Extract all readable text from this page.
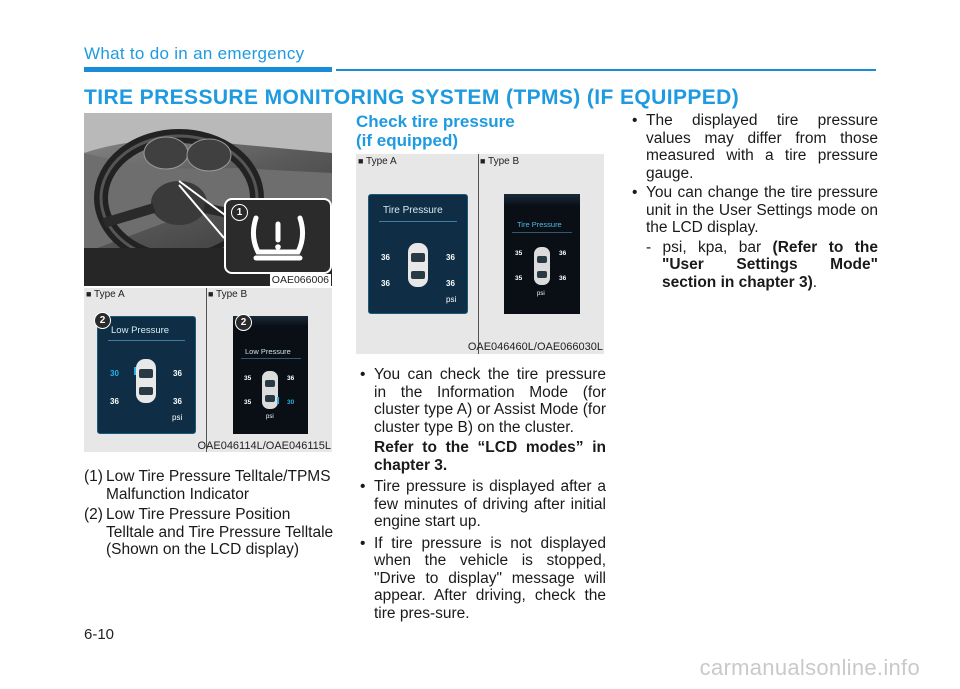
What to do in an emergency
TIRE PRESSURE MONITORING SYSTEM (TPMS) (IF EQUIPPED)
1
OAE066006
■ Type A	■ Type B
Low Pressure
30	36
36	36
psi
2
Low Pressure
35	36
35	30
psi
2
OAE046114L/OAE046115L
(1) Low Tire Pressure Telltale/TPMS Malfunction Indicator
(2) Low Tire Pressure Position Telltale and Tire Pressure Telltale (Shown on the LCD display)
Check tire pressure
(if equipped)
■ Type A	■ Type B
Tire Pressure
36	36
36	36
psi
Tire Pressure
35	36
35	36
psi
OAE046460L/OAE066030L
• You can check the tire pressure in the Information Mode (for cluster type A) or Assist Mode (for cluster type B) on the cluster.
Refer to the “LCD modes” in chapter 3.
• Tire pressure is displayed after a few minutes of driving after initial engine start up.
• If tire pressure is not displayed when the vehicle is stopped, "Drive to display" message will appear. After driving, check the tire pres-sure.
• The displayed tire pressure values may differ from those measured with a tire pressure gauge.
• You can change the tire pressure unit in the User Settings mode on the LCD display.
- psi, kpa, bar (Refer to the "User Settings Mode" section in chapter 3).
6-10
carmanualsonline.info
